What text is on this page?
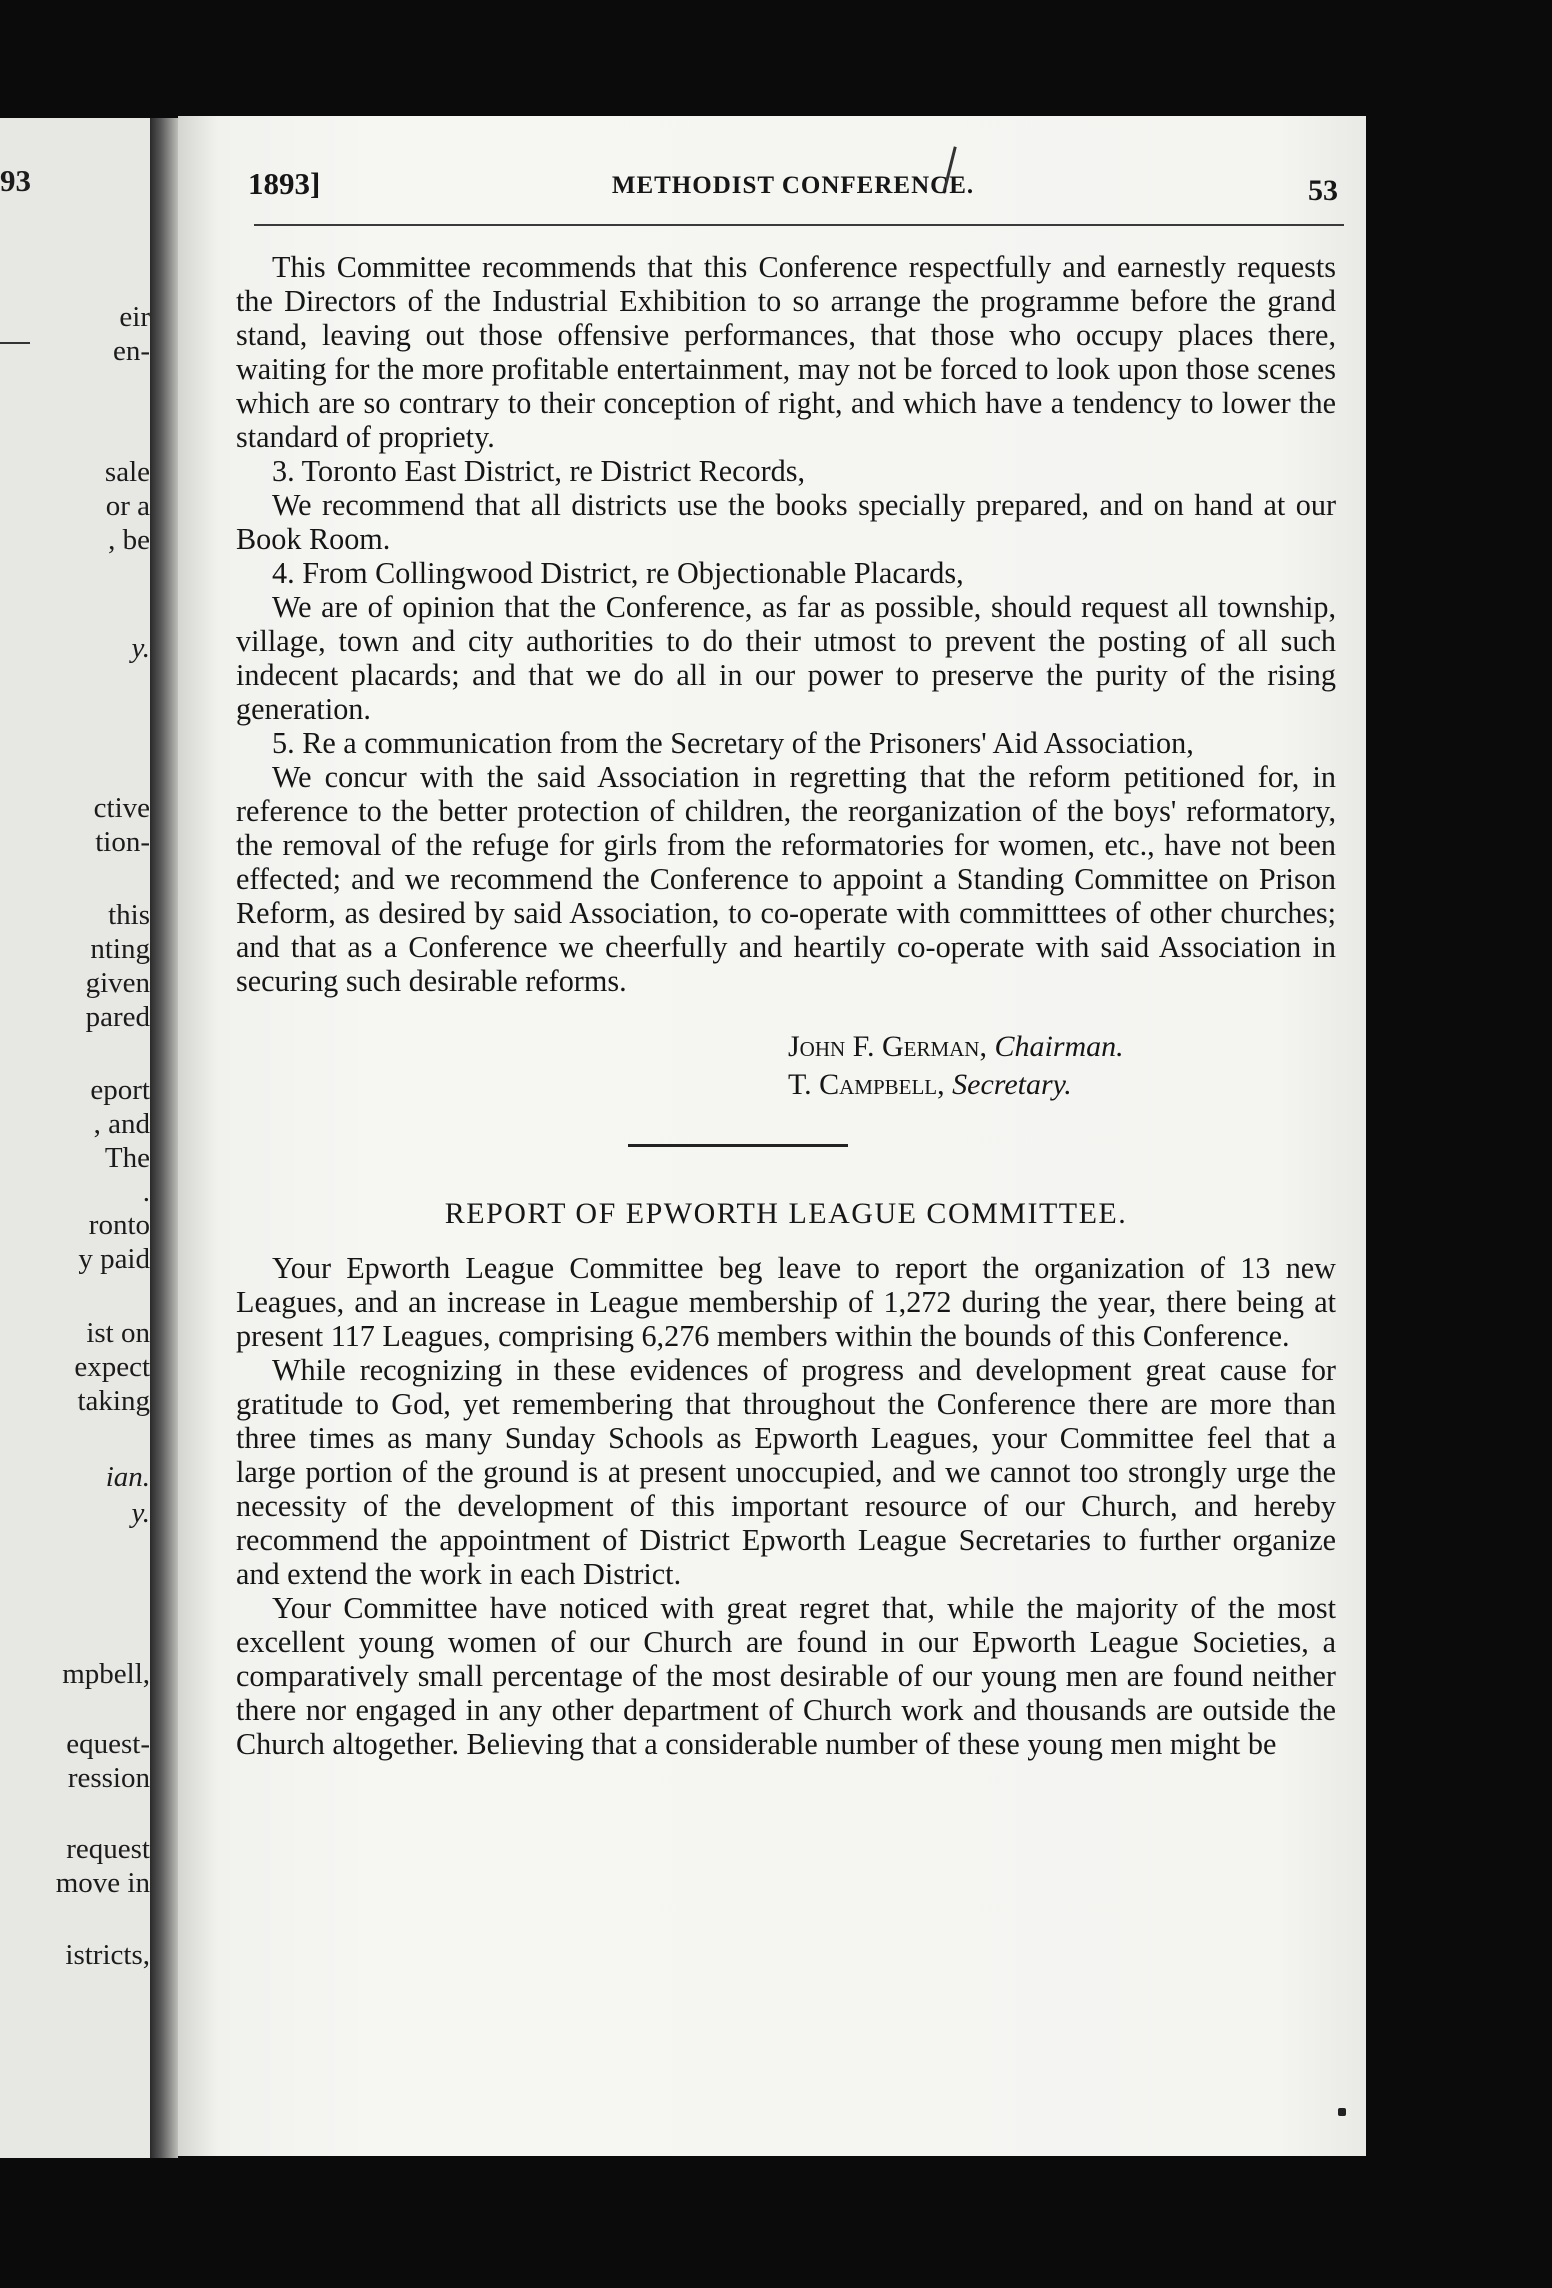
93
eir
en-
sale
or a
, be
y.
ctive
tion-
this
nting
given
pared
eport
, and
The
.
ronto
y paid
ist on
expect
taking
ian.
y.
mpbell,
equest-
ression
request
move in
istricts,
1893]	METHODIST CONFERENCE.	53

This Committee recommends that this Conference respectfully and earnestly requests the Directors of the Industrial Exhibition to so arrange the programme before the grand stand, leaving out those offensive performances, that those who occupy places there, waiting for the more profitable entertainment, may not be forced to look upon those scenes which are so contrary to their conception of right, and which have a tendency to lower the standard of propriety.

3. Toronto East District, re District Records,

We recommend that all districts use the books specially prepared, and on hand at our Book Room.

4. From Collingwood District, re Objectionable Placards,

We are of opinion that the Conference, as far as possible, should request all township, village, town and city authorities to do their utmost to prevent the posting of all such indecent placards; and that we do all in our power to preserve the purity of the rising generation.

5. Re a communication from the Secretary of the Prisoners' Aid Association,

We concur with the said Association in regretting that the reform petitioned for, in reference to the better protection of children, the reorganization of the boys' reformatory, the removal of the refuge for girls from the reformatories for women, etc., have not been effected; and we recommend the Conference to appoint a Standing Committee on Prison Reform, as desired by said Association, to co-operate with committtees of other churches; and that as a Conference we cheerfully and heartily co-operate with said Association in securing such desirable reforms.

John F. German, Chairman.
T. Campbell, Secretary.
REPORT OF EPWORTH LEAGUE COMMITTEE.

Your Epworth League Committee beg leave to report the organization of 13 new Leagues, and an increase in League membership of 1,272 during the year, there being at present 117 Leagues, comprising 6,276 members within the bounds of this Conference.

While recognizing in these evidences of progress and development great cause for gratitude to God, yet remembering that throughout the Conference there are more than three times as many Sunday Schools as Epworth Leagues, your Committee feel that a large portion of the ground is at present unoccupied, and we cannot too strongly urge the necessity of the development of this important resource of our Church, and hereby recommend the appointment of District Epworth League Secretaries to further organize and extend the work in each District.

Your Committee have noticed with great regret that, while the majority of the most excellent young women of our Church are found in our Epworth League Societies, a comparatively small percentage of the most desirable of our young men are found neither there nor engaged in any other department of Church work and thousands are outside the Church altogether. Believing that a considerable number of these young men might be
